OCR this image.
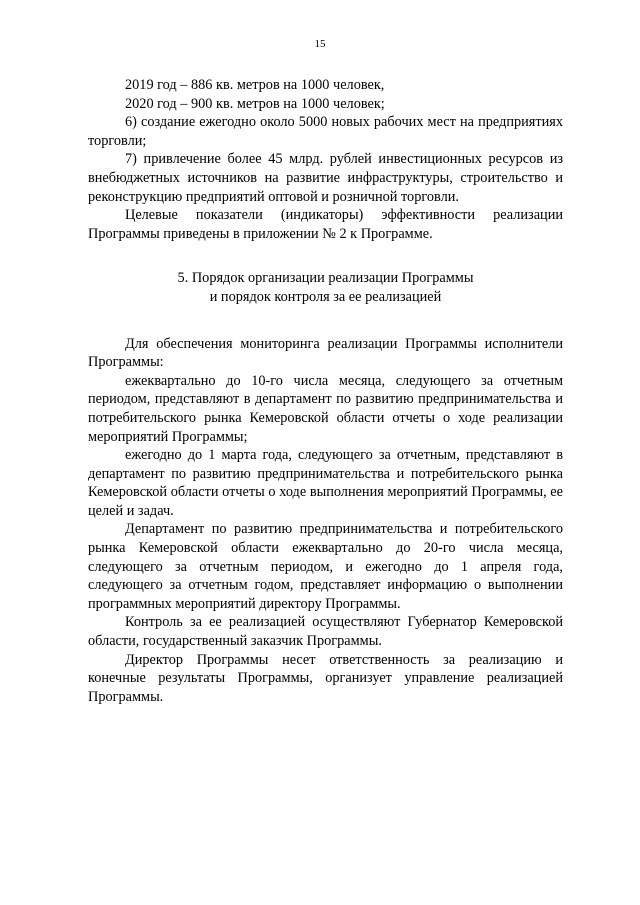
15

2019 год – 886 кв. метров на 1000 человек,

2020 год – 900 кв. метров на 1000 человек;

6) создание ежегодно около 5000 новых рабочих мест на предприятиях торговли;

7) привлечение более 45 млрд. рублей инвестиционных ресурсов из внебюджетных источников на развитие инфраструктуры, строительство и реконструкцию предприятий оптовой и розничной торговли.

Целевые показатели (индикаторы) эффективности реализации Программы приведены в приложении № 2 к Программе.

5. Порядок организации реализации Программы

и порядок контроля за ее реализацией

Для обеспечения мониторинга реализации Программы исполнители Программы:

ежеквартально до 10-го числа месяца, следующего за отчетным периодом, представляют в департамент по развитию предпринимательства и потребительского рынка Кемеровской области отчеты о ходе реализации мероприятий Программы;

ежегодно до 1 марта года, следующего за отчетным, представляют в департамент по развитию предпринимательства и потребительского рынка Кемеровской области отчеты о ходе выполнения мероприятий Программы, ее целей и задач.

Департамент по развитию предпринимательства и потребительского рынка Кемеровской области ежеквартально до 20-го числа месяца, следующего за отчетным периодом, и ежегодно до 1 апреля года, следующего за отчетным годом, представляет информацию о выполнении программных мероприятий директору Программы.

Контроль за ее реализацией осуществляют Губернатор Кемеровской области, государственный заказчик Программы.

Директор Программы несет ответственность за реализацию и конечные результаты Программы, организует управление реализацией Программы.
